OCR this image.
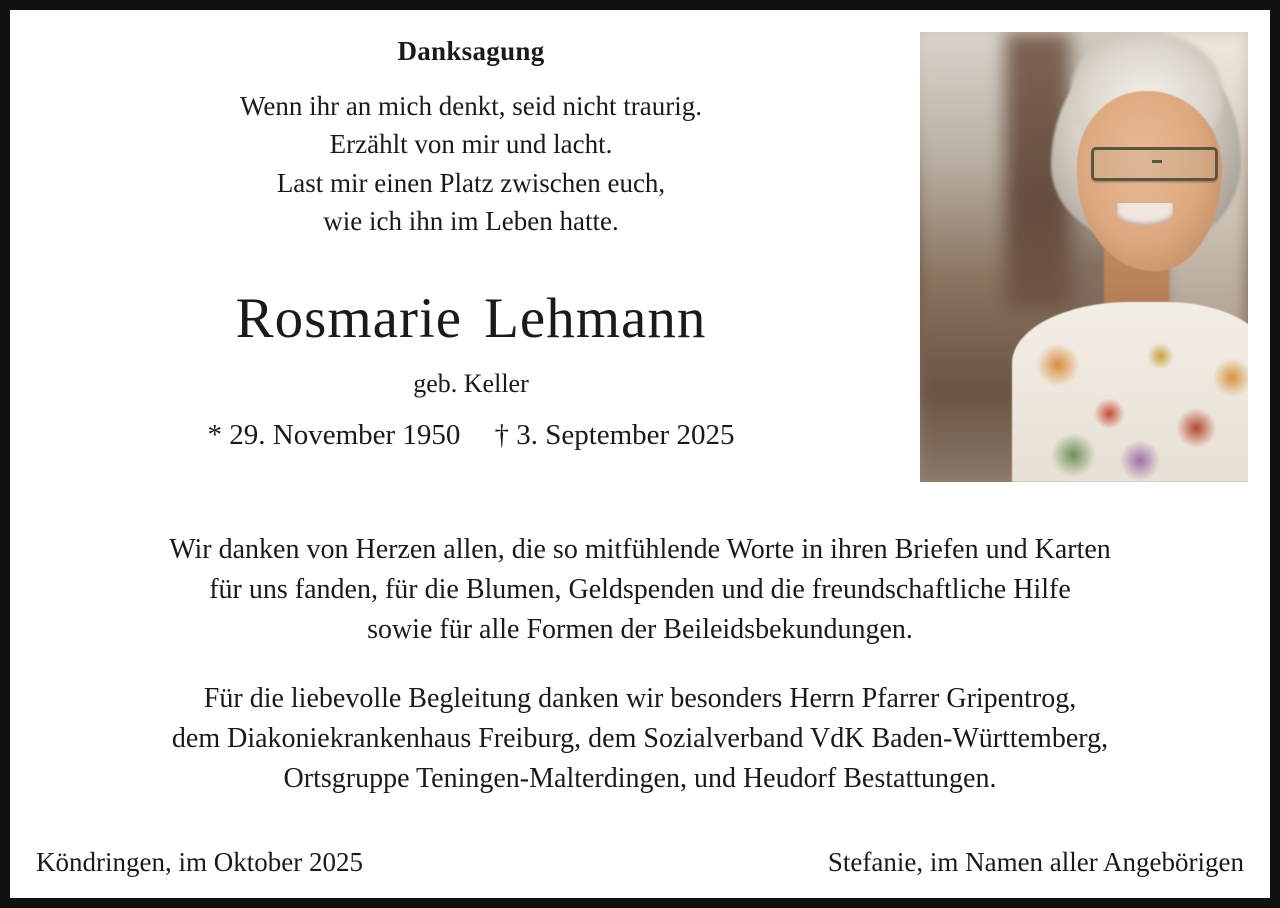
Danksagung
Wenn ihr an mich denkt, seid nicht traurig.
Erzählt von mir und lacht.
Last mir einen Platz zwischen euch,
wie ich ihn im Leben hatte.
Rosmarie Lehmann
geb. Keller
* 29. November 1950 † 3. September 2025
Wir danken von Herzen allen, die so mitfühlende Worte in ihren Briefen und Karten
für uns fanden, für die Blumen, Geldspenden und die freundschaftliche Hilfe
sowie für alle Formen der Beileidsbekundungen.
Für die liebevolle Begleitung danken wir besonders Herrn Pfarrer Gripentrog,
dem Diakoniekrankenhaus Freiburg, dem Sozialverband VdK Baden-Württemberg,
Ortsgruppe Teningen-Malterdingen, und Heudorf Bestattungen.
Köndringen, im Oktober 2025	Stefanie, im Namen aller Angebörigen
